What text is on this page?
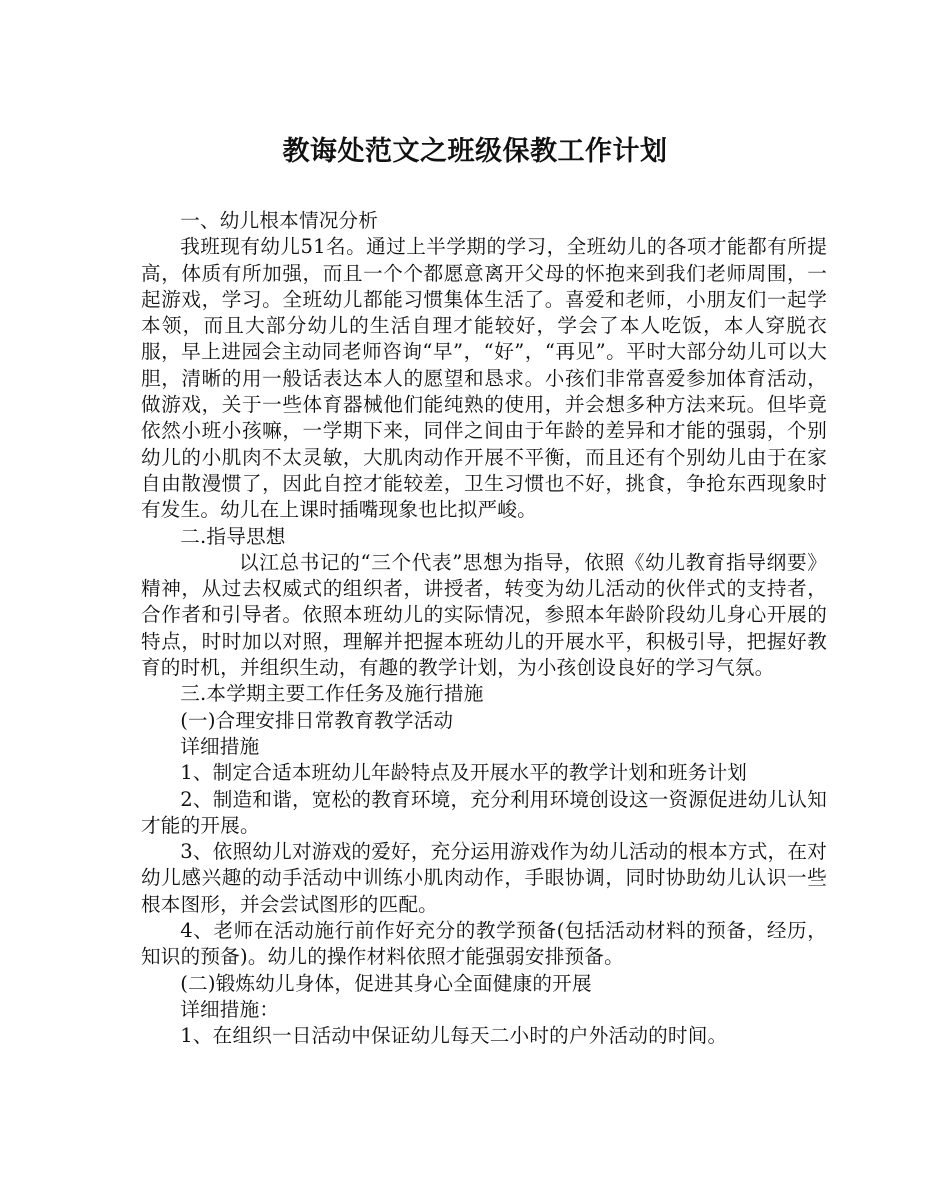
教诲处范文之班级保教工作计划

一、幼儿根本情况分析

我班现有幼儿51名。通过上半学期的学习，全班幼儿的各项才能都有所提高，体质有所加强，而且一个个都愿意离开父母的怀抱来到我们老师周围，一起游戏，学习。全班幼儿都能习惯集体生活了。喜爱和老师，小朋友们一起学本领，而且大部分幼儿的生活自理才能较好，学会了本人吃饭，本人穿脱衣服，早上进园会主动同老师咨询“早”，“好”，“再见”。平时大部分幼儿可以大胆，清晰的用一般话表达本人的愿望和恳求。小孩们非常喜爱参加体育活动，做游戏，关于一些体育器械他们能纯熟的使用，并会想多种方法来玩。但毕竟依然小班小孩嘛，一学期下来，同伴之间由于年龄的差异和才能的强弱，个别幼儿的小肌肉不太灵敏，大肌肉动作开展不平衡，而且还有个别幼儿由于在家自由散漫惯了，因此自控才能较差，卫生习惯也不好，挑食，争抢东西现象时有发生。幼儿在上课时插嘴现象也比拟严峻。

二.指导思想

以江总书记的“三个代表”思想为指导，依照《幼儿教育指导纲要》精神，从过去权威式的组织者，讲授者，转变为幼儿活动的伙伴式的支持者，合作者和引导者。依照本班幼儿的实际情况，参照本年龄阶段幼儿身心开展的特点，时时加以对照，理解并把握本班幼儿的开展水平，积极引导，把握好教育的时机，并组织生动，有趣的教学计划，为小孩创设良好的学习气氛。

三.本学期主要工作任务及施行措施

(一)合理安排日常教育教学活动

详细措施

1、制定合适本班幼儿年龄特点及开展水平的教学计划和班务计划

2、制造和谐，宽松的教育环境，充分利用环境创设这一资源促进幼儿认知才能的开展。

3、依照幼儿对游戏的爱好，充分运用游戏作为幼儿活动的根本方式，在对幼儿感兴趣的动手活动中训练小肌肉动作，手眼协调，同时协助幼儿认识一些根本图形，并会尝试图形的匹配。

4、老师在活动施行前作好充分的教学预备(包括活动材料的预备，经历，知识的预备)。幼儿的操作材料依照才能强弱安排预备。

(二)锻炼幼儿身体，促进其身心全面健康的开展

详细措施：

1、在组织一日活动中保证幼儿每天二小时的户外活动的时间。
